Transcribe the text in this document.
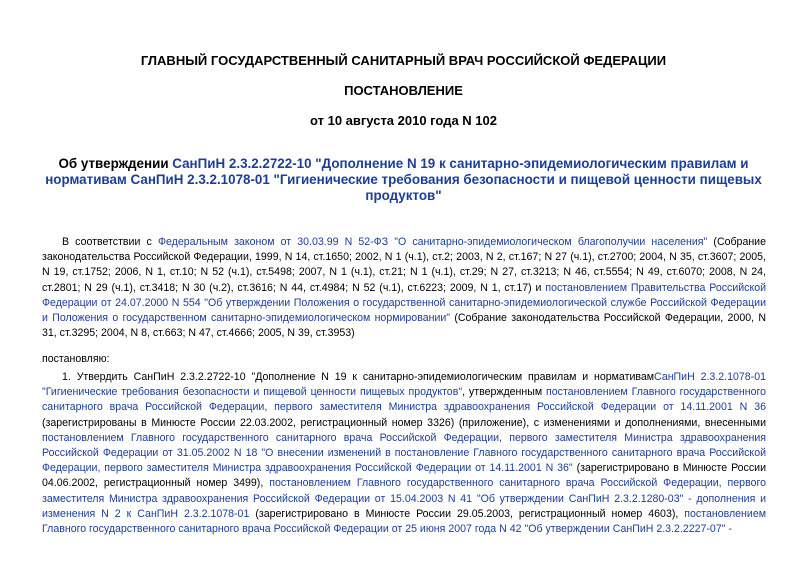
ГЛАВНЫЙ ГОСУДАРСТВЕННЫЙ САНИТАРНЫЙ ВРАЧ РОССИЙСКОЙ ФЕДЕРАЦИИ
ПОСТАНОВЛЕНИЕ
от 10 августа 2010 года N 102
Об утверждении СанПиН 2.3.2.2722-10 "Дополнение N 19 к санитарно-эпидемиологическим правилам и нормативам СанПиН 2.3.2.1078-01 "Гигиенические требования безопасности и пищевой ценности пищевых продуктов"
В соответствии с Федеральным законом от 30.03.99 N 52-ФЗ "О санитарно-эпидемиологическом благополучии населения" (Собрание законодательства Российской Федерации, 1999, N 14, ст.1650; 2002, N 1 (ч.1), ст.2; 2003, N 2, ст.167; N 27 (ч.1), ст.2700; 2004, N 35, ст.3607; 2005, N 19, ст.1752; 2006, N 1, ст.10; N 52 (ч.1), ст.5498; 2007, N 1 (ч.1), ст.21; N 1 (ч.1), ст.29; N 27, ст.3213; N 46, ст.5554; N 49, ст.6070; 2008, N 24, ст.2801; N 29 (ч.1), ст.3418; N 30 (ч.2), ст.3616; N 44, ст.4984; N 52 (ч.1), ст.6223; 2009, N 1, ст.17) и постановлением Правительства Российской Федерации от 24.07.2000 N 554 "Об утверждении Положения о государственной санитарно-эпидемиологической службе Российской Федерации и Положения о государственном санитарно-эпидемиологическом нормировании" (Собрание законодательства Российской Федерации, 2000, N 31, ст.3295; 2004, N 8, ст.663; N 47, ст.4666; 2005, N 39, ст.3953)
постановляю:
1. Утвердить СанПиН 2.3.2.2722-10 "Дополнение N 19 к санитарно-эпидемиологическим правилам и нормативамСанПиН 2.3.2.1078-01 "Гигиенические требования безопасности и пищевой ценности пищевых продуктов", утвержденным постановлением Главного государственного санитарного врача Российской Федерации, первого заместителя Министра здравоохранения Российской Федерации от 14.11.2001 N 36 (зарегистрированы в Минюсте России 22.03.2002, регистрационный номер 3326) (приложение), с изменениями и дополнениями, внесенными постановлением Главного государственного санитарного врача Российской Федерации, первого заместителя Министра здравоохранения Российской Федерации от 31.05.2002 N 18 "О внесении изменений в постановление Главного государственного санитарного врача Российской Федерации, первого заместителя Министра здравоохранения Российской Федерации от 14.11.2001 N 36" (зарегистрировано в Минюсте России 04.06.2002, регистрационный номер 3499), постановлением Главного государственного санитарного врача Российской Федерации, первого заместителя Министра здравоохранения Российской Федерации от 15.04.2003 N 41 "Об утверждении СанПиН 2.3.2.1280-03" - дополнения и изменения N 2 к СанПиН 2.3.2.1078-01 (зарегистрировано в Минюсте России 29.05.2003, регистрационный номер 4603), постановлением Главного государственного санитарного врача Российской Федерации от 25 июня 2007 года N 42 "Об утверждении СанПиН 2.3.2.2227-07" -
